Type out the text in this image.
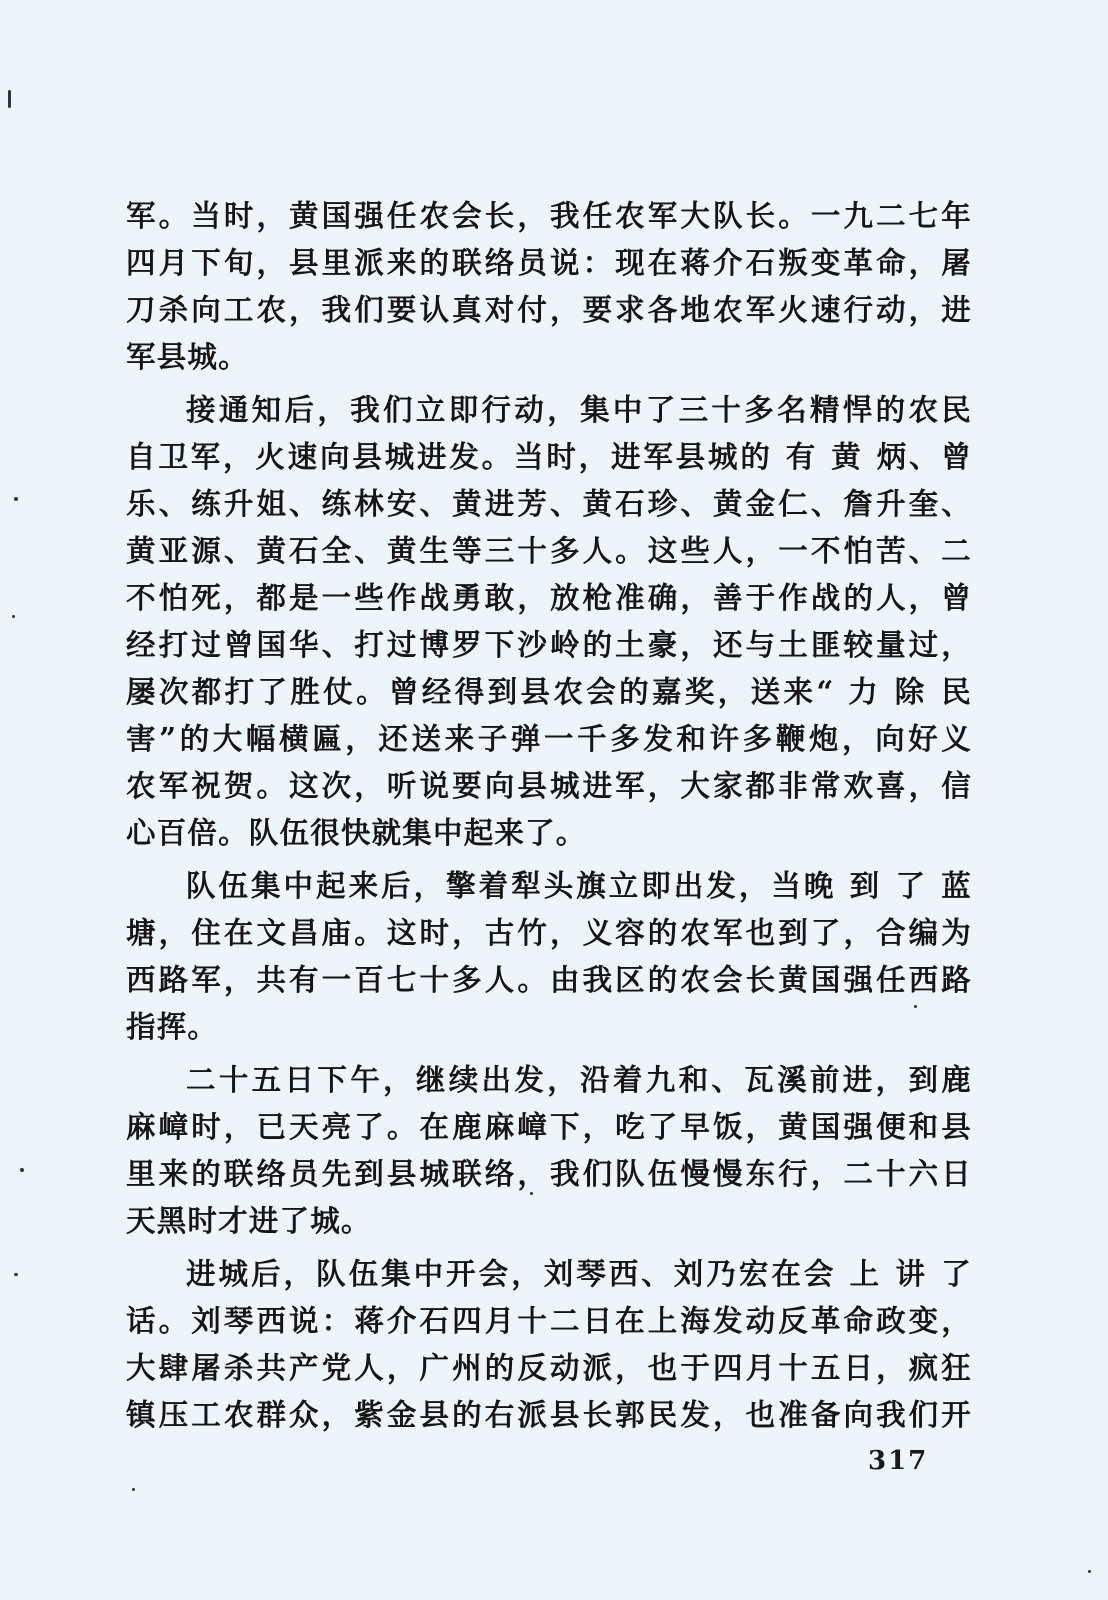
军。当时，黄国强任农会长，我任农军大队长。一九二七年
四月下旬，县里派来的联络员说：现在蒋介石叛变革命，屠
刀杀向工农，我们要认真对付，要求各地农军火速行动，进
军县城。
接通知后，我们立即行动，集中了三十多名精悍的农民
自卫军，火速向县城进发。当时，进军县城的 有 黄 炳、曾
乐、练升姐、练林安、黄进芳、黄石珍、黄金仁、詹升奎、
黄亚源、黄石全、黄生等三十多人。这些人，一不怕苦、二
不怕死，都是一些作战勇敢，放枪准确，善于作战的人，曾
经打过曾国华、打过博罗下沙岭的土豪，还与土匪较量过，
屡次都打了胜仗。曾经得到县农会的嘉奖，送来“ 力 除 民
害”的大幅横匾，还送来子弹一千多发和许多鞭炮，向好义
农军祝贺。这次，听说要向县城进军，大家都非常欢喜，信
心百倍。队伍很快就集中起来了。
队伍集中起来后，擎着犁头旗立即出发，当晚 到 了 蓝
塘，住在文昌庙。这时，古竹，义容的农军也到了，合编为
西路军，共有一百七十多人。由我区的农会长黄国强任西路
指挥。
二十五日下午，继续出发，沿着九和、瓦溪前进，到鹿
麻嶂时，已天亮了。在鹿麻嶂下，吃了早饭，黄国强便和县
里来的联络员先到县城联络，我们队伍慢慢东行，二十六日
天黑时才进了城。
进城后，队伍集中开会，刘琴西、刘乃宏在会 上 讲 了
话。刘琴西说：蒋介石四月十二日在上海发动反革命政变，
大肆屠杀共产党人，广州的反动派，也于四月十五日，疯狂
镇压工农群众，紫金县的右派县长郭民发，也准备向我们开
317
